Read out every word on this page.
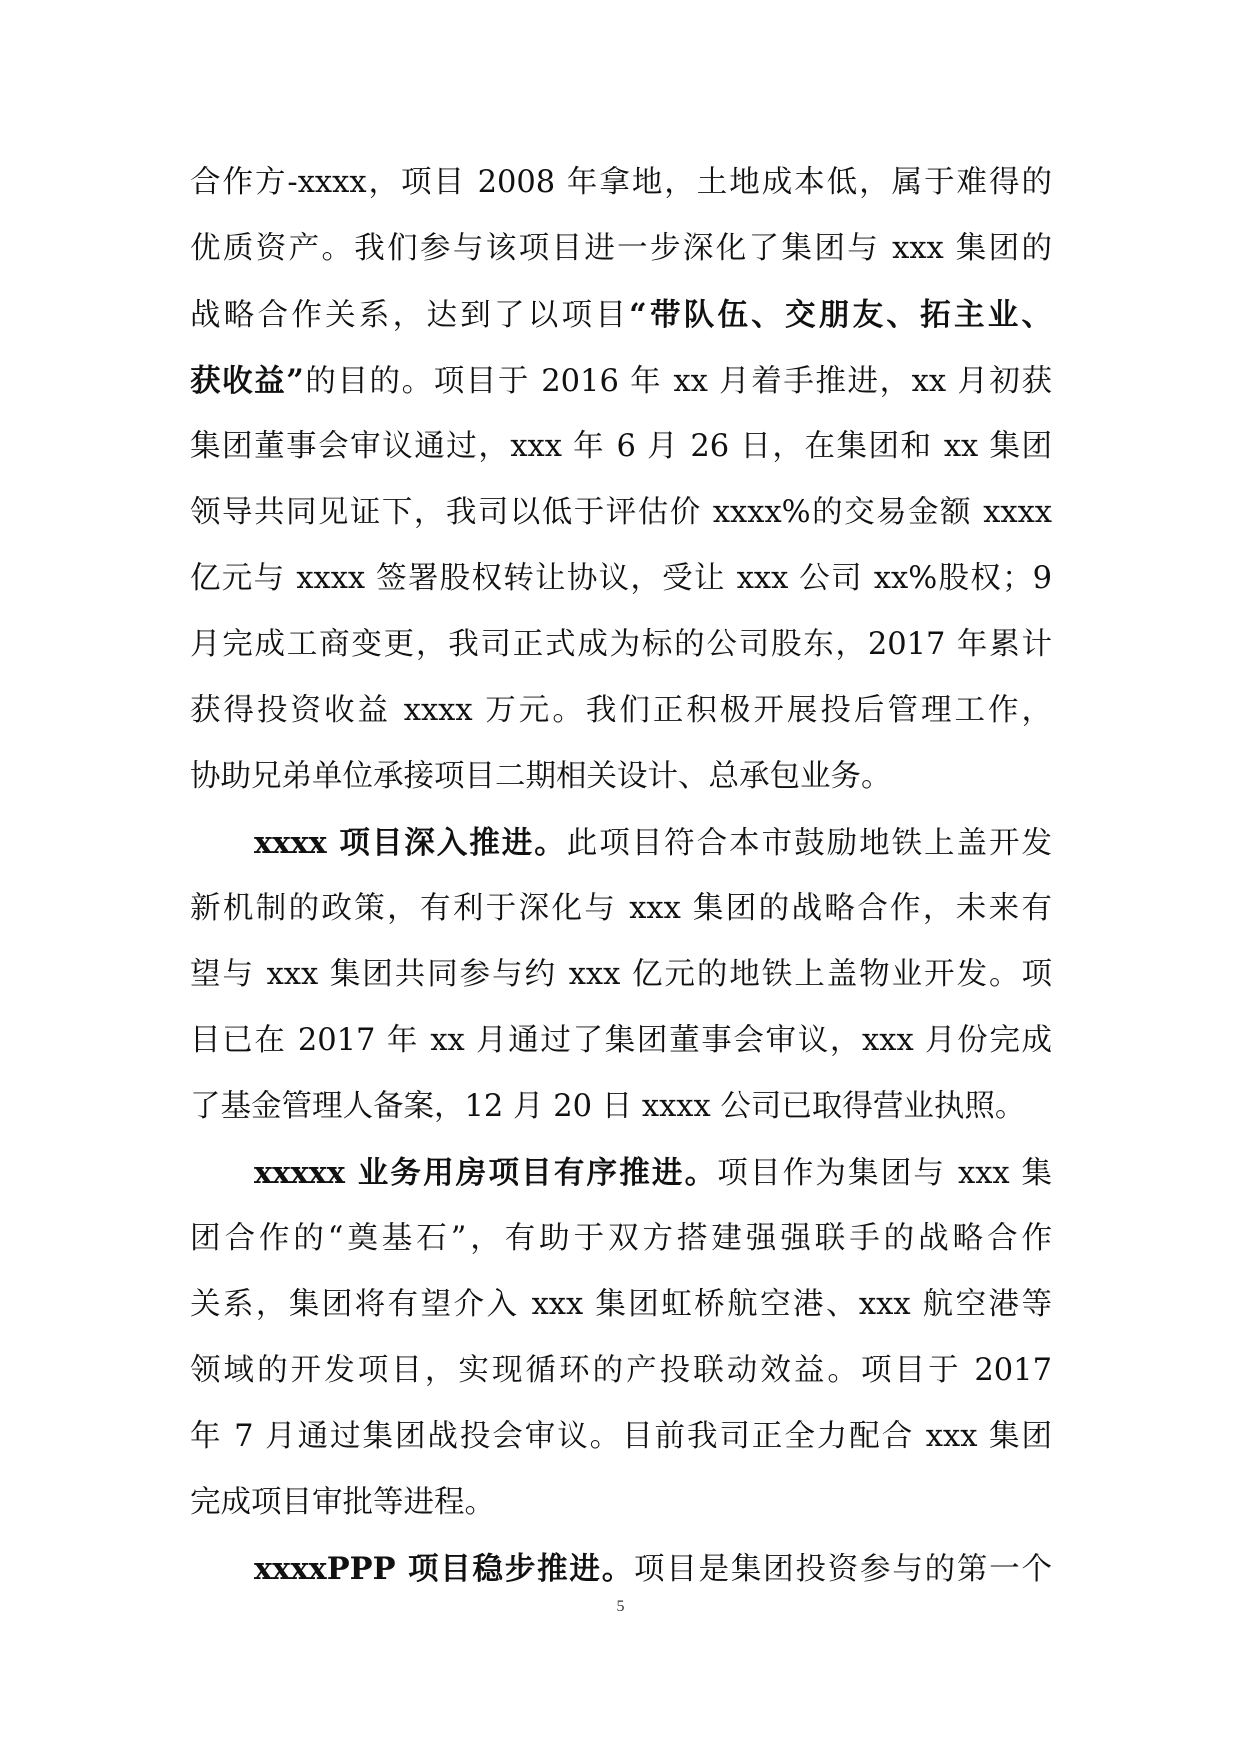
合作方-xxxx，项目 2008 年拿地，土地成本低，属于难得的
优质资产。我们参与该项目进一步深化了集团与 xxx 集团的
战略合作关系，达到了以项目“带队伍、交朋友、拓主业、
获收益”的目的。项目于 2016 年 xx 月着手推进，xx 月初获
集团董事会审议通过，xxx 年 6 月 26 日，在集团和 xx 集团
领导共同见证下，我司以低于评估价 xxxx%的交易金额 xxxx
亿元与 xxxx 签署股权转让协议，受让 xxx 公司 xx%股权；9
月完成工商变更，我司正式成为标的公司股东，2017 年累计
获得投资收益 xxxx 万元。我们正积极开展投后管理工作，
协助兄弟单位承接项目二期相关设计、总承包业务。
xxxx 项目深入推进。此项目符合本市鼓励地铁上盖开发
新机制的政策，有利于深化与 xxx 集团的战略合作，未来有
望与 xxx 集团共同参与约 xxx 亿元的地铁上盖物业开发。项
目已在 2017 年 xx 月通过了集团董事会审议，xxx 月份完成
了基金管理人备案，12 月 20 日 xxxx 公司已取得营业执照。
xxxxx 业务用房项目有序推进。项目作为集团与 xxx 集
团合作的“奠基石”，有助于双方搭建强强联手的战略合作
关系，集团将有望介入 xxx 集团虹桥航空港、xxx 航空港等
领域的开发项目，实现循环的产投联动效益。项目于 2017
年 7 月通过集团战投会审议。目前我司正全力配合 xxx 集团
完成项目审批等进程。
xxxxPPP 项目稳步推进。项目是集团投资参与的第一个
5
